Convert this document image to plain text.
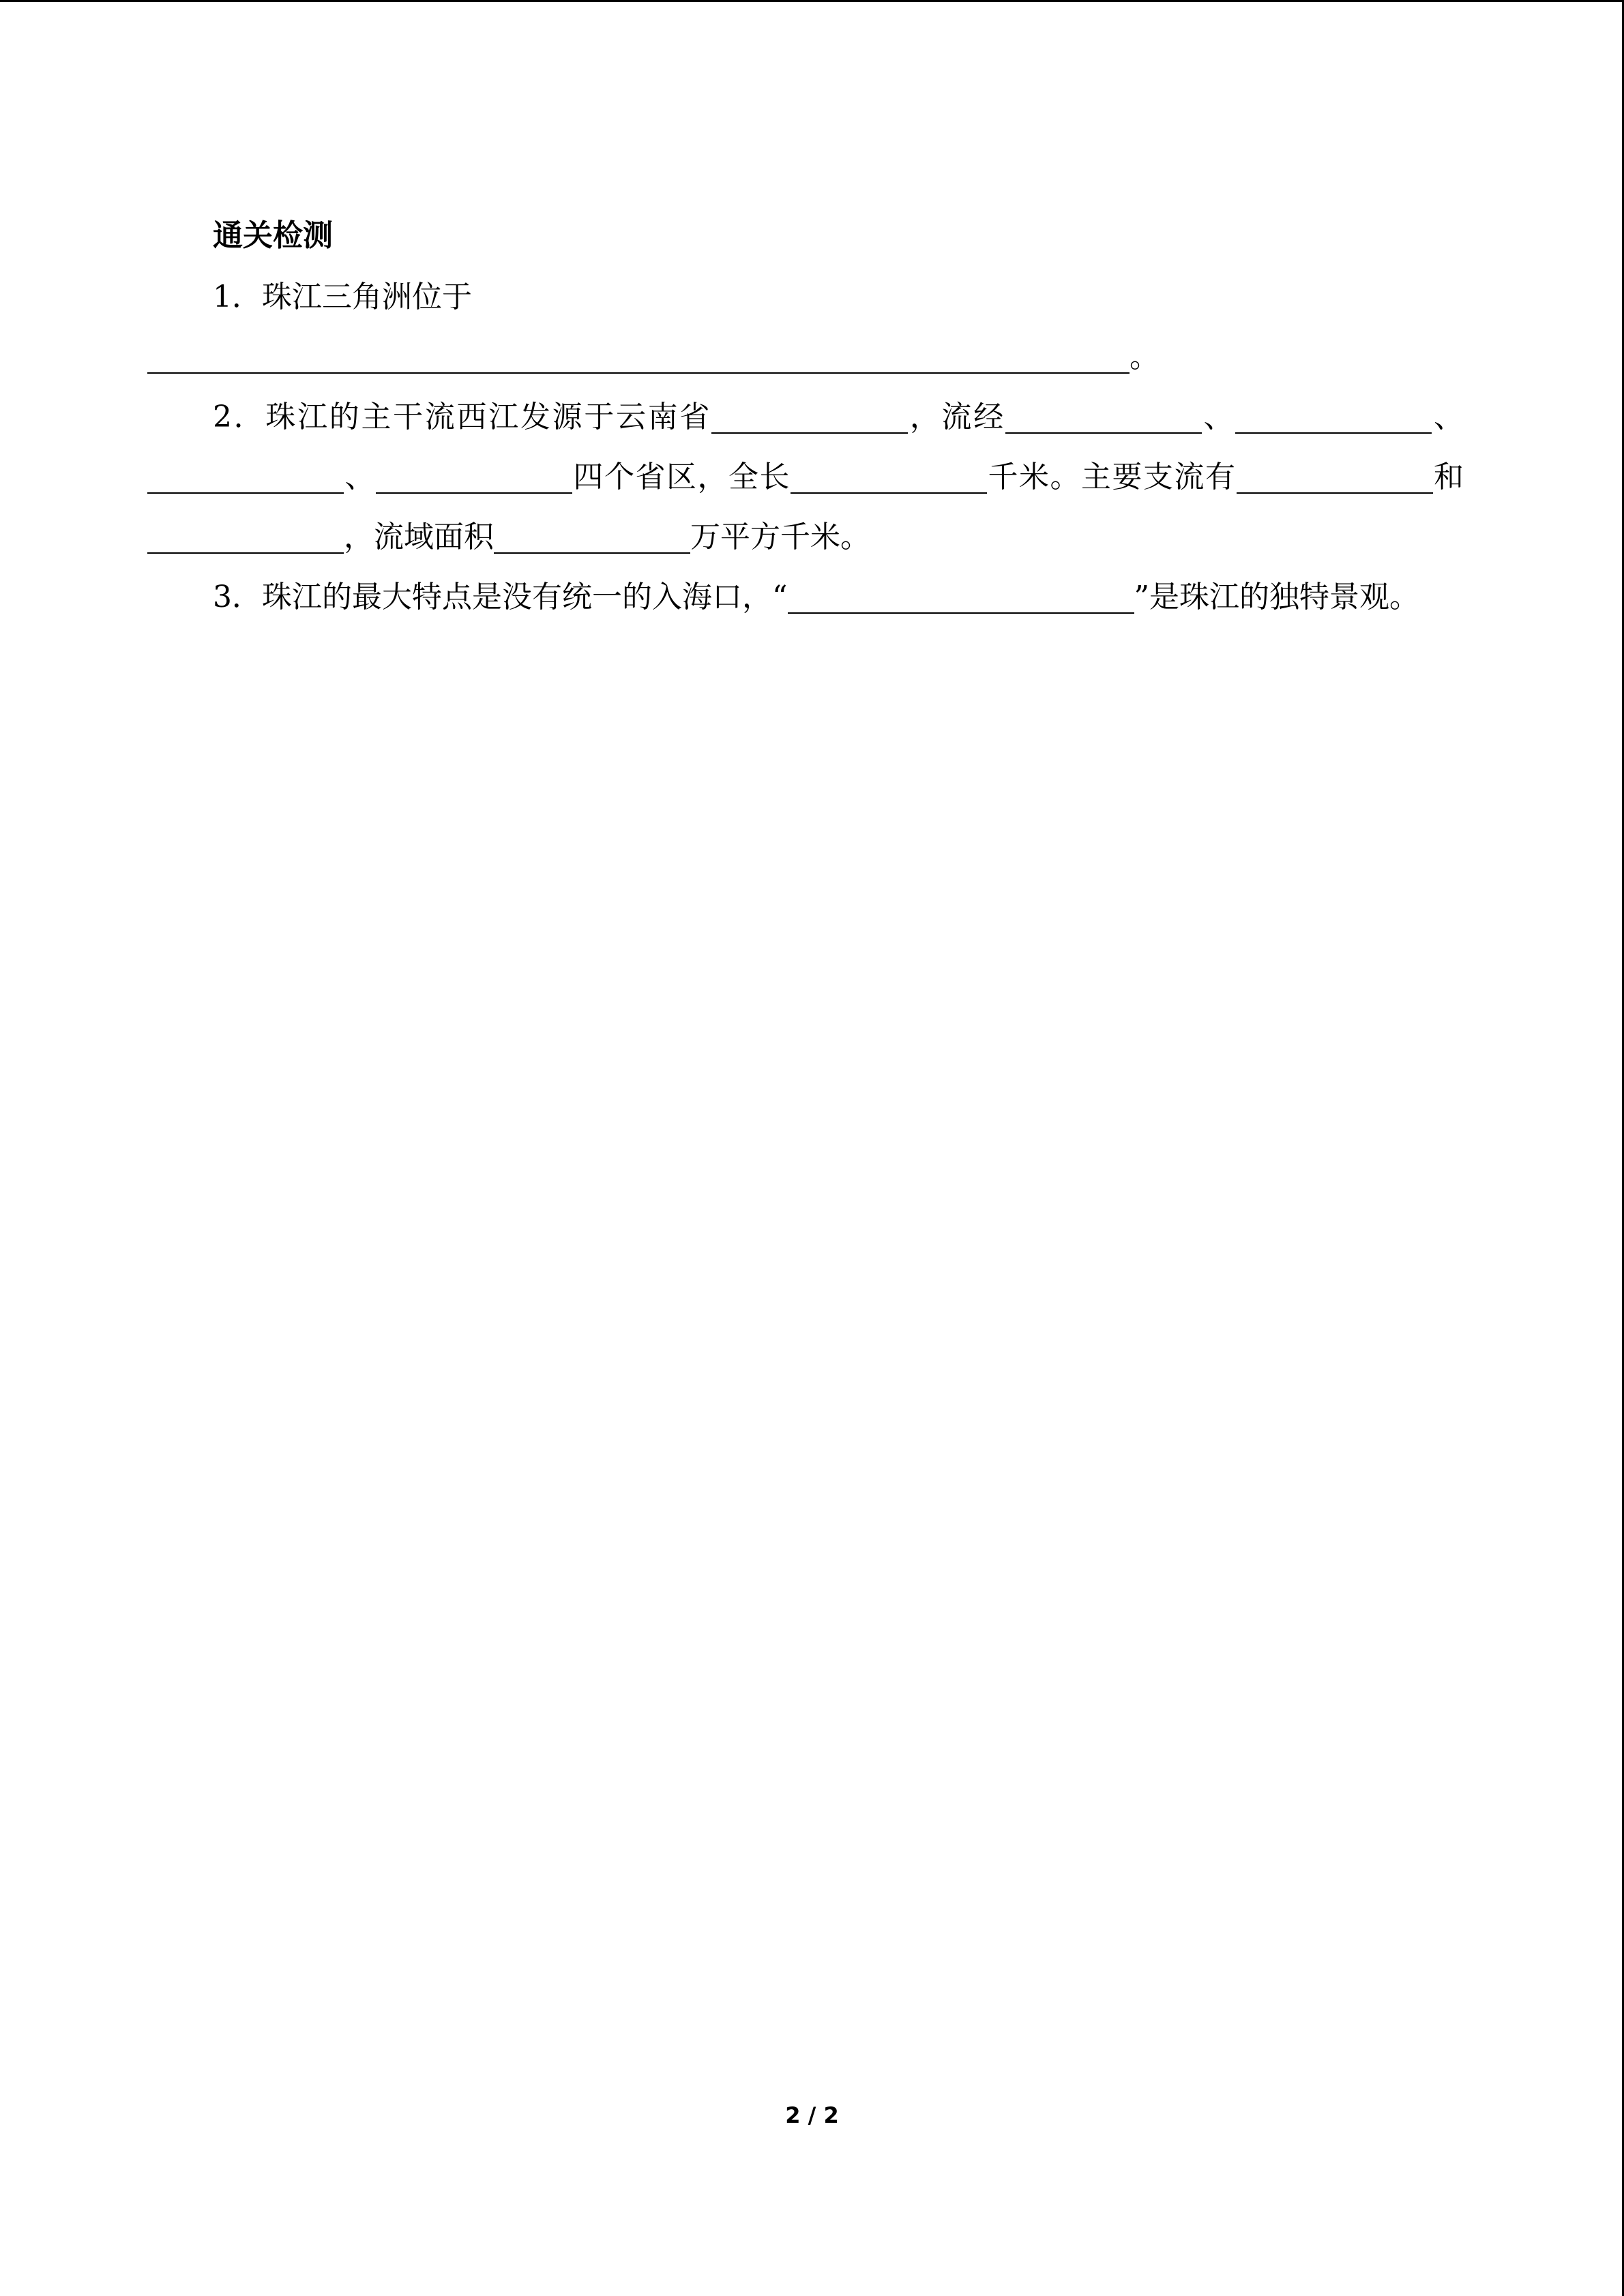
通关检测

1．珠江三角洲位于

。

2．珠江的主干流西江发源于云南省	，流经	、	、、	四个省区，全长	千米。主要支流有	和，流域面积	万平方千米。

3．珠江的最大特点是没有统一的入海口，“	”是珠江的独特景观。

2 / 2
